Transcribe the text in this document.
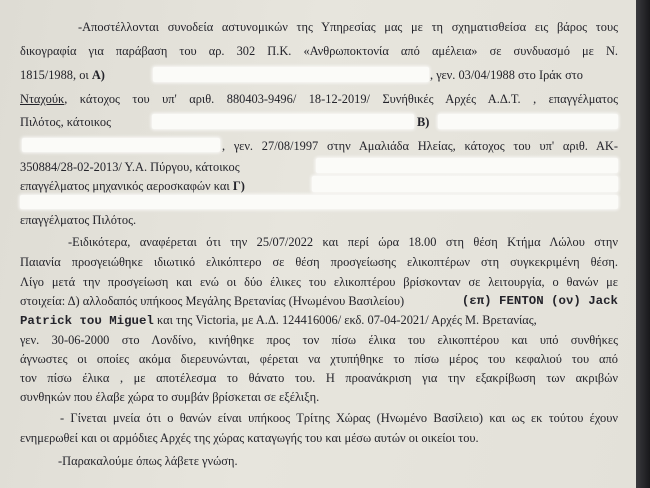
-Αποστέλλονται συνοδεία αστυνομικών της Υπηρεσίας μας με τη σχηματισθείσα εις βάρος τους
δικογραφία για παράβαση του αρ. 302 Π.Κ. «Ανθρωποκτονία από αμέλεια» σε συνδυασμό με Ν.
1815/1988, οι Α)	, γεν. 03/04/1988 στο Ιράκ στο
Νταχούκ, κάτοχος του υπ' αριθ. 880403-9496/ 18-12-2019/ Συνήθικές Αρχές Α.Δ.Τ. , επαγγέλματος
Πιλότος, κάτοικος	Β)
, γεν. 27/08/1997 στην Αμαλιάδα Ηλείας, κάτοχος του υπ' αριθ. ΑΚ-
350884/28-02-2013/ Υ.Α. Πύργου, κάτοικος
επαγγέλματος μηχανικός αεροσκαφών και Γ)
επαγγέλματος Πιλότος.
-Ειδικότερα, αναφέρεται ότι την 25/07/2022 και περί ώρα 18.00 στη θέση Κτήμα Λώλου στην
Παιανία προσγειώθηκε ιδιωτικό ελικόπτερο σε θέση προσγείωσης ελικοπτέρων στη συγκεκριμένη θέση.
Λίγο μετά την προσγείωση και ενώ οι δύο έλικες του ελικοπτέρου βρίσκονταν σε λειτουργία, ο θανών με
στοιχεία: Δ) αλλοδαπός υπήκοος Μεγάλης Βρετανίας (Ηνωμένου Βασιλείου)	(επ) FENTON (ον) Jack
Patrick του Miguel και της Victoria, με Α.Δ. 124416006/ εκδ. 07-04-2021/ Αρχές Μ. Βρετανίας,
γεν. 30-06-2000 στο Λονδίνο, κινήθηκε προς τον πίσω έλικα του ελικοπτέρου και υπό συνθήκες
άγνωστες οι οποίες ακόμα διερευνώνται, φέρεται να χτυπήθηκε το πίσω μέρος του κεφαλιού του από
τον πίσω έλικα , με αποτέλεσμα το θάνατο του. Η προανάκριση για την εξακρίβωση των ακριβών
συνθηκών που έλαβε χώρα το συμβάν βρίσκεται σε εξέλιξη.
- Γίνεται μνεία ότι ο θανών είναι υπήκοος Τρίτης Χώρας (Ηνωμένο Βασίλειο) και ως εκ τούτου έχουν
ενημερωθεί και οι αρμόδιες Αρχές της χώρας καταγωγής του και μέσω αυτών οι οικείοι του.
-Παρακαλούμε όπως λάβετε γνώση.
